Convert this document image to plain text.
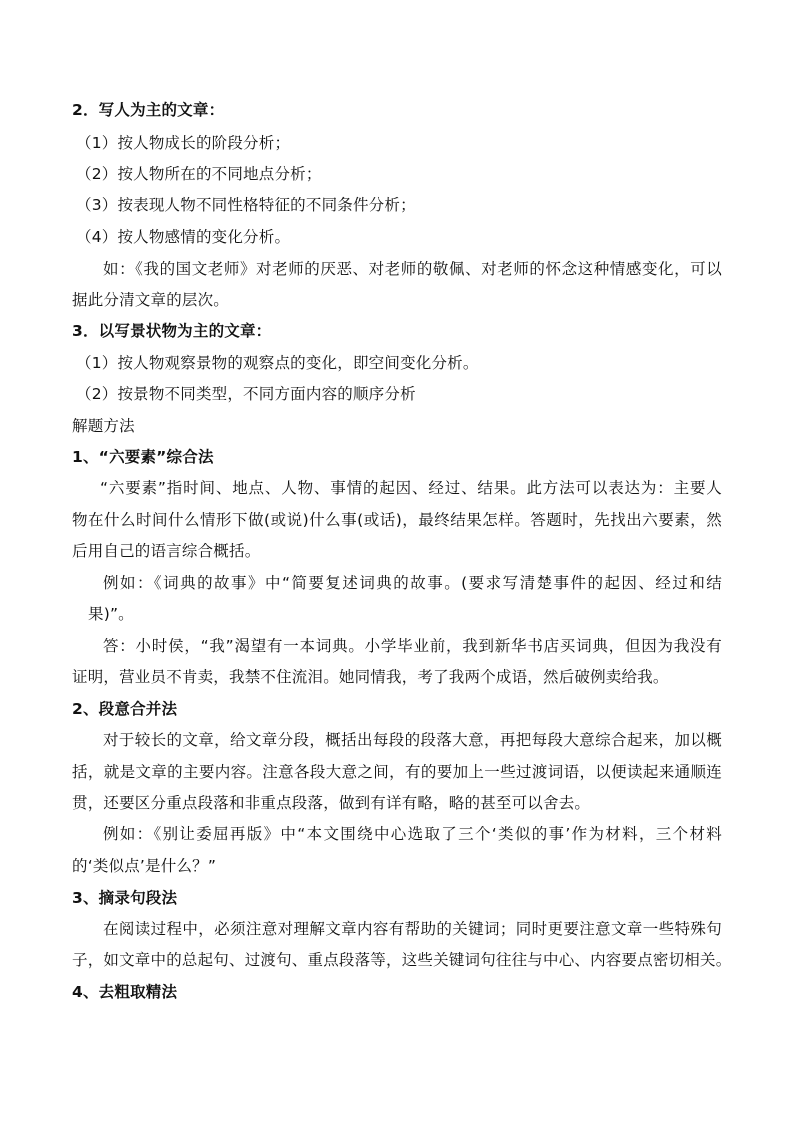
2．写人为主的文章：
（1）按人物成长的阶段分析；
（2）按人物所在的不同地点分析；
（3）按表现人物不同性格特征的不同条件分析；
（4）按人物感情的变化分析。
如：《我的国文老师》对老师的厌恶、对老师的敬佩、对老师的怀念这种情感变化，可以
据此分清文章的层次。
3．以写景状物为主的文章：
（1）按人物观察景物的观察点的变化，即空间变化分析。
（2）按景物不同类型，不同方面内容的顺序分析
解题方法
1、“六要素”综合法
“六要素”指时间、地点、人物、事情的起因、经过、结果。此方法可以表达为：主要人
物在什么时间什么情形下做(或说)什么事(或话)，最终结果怎样。答题时，先找出六要素，然
后用自己的语言综合概括。
例如：《词典的故事》中“简要复述词典的故事。(要求写清楚事件的起因、经过和结
果)”。
答：小时侯，“我”渴望有一本词典。小学毕业前，我到新华书店买词典，但因为我没有
证明，营业员不肯卖，我禁不住流泪。她同情我，考了我两个成语，然后破例卖给我。
2、段意合并法
对于较长的文章，给文章分段，概括出每段的段落大意，再把每段大意综合起来，加以概
括，就是文章的主要内容。注意各段大意之间，有的要加上一些过渡词语，以便读起来通顺连
贯，还要区分重点段落和非重点段落，做到有详有略，略的甚至可以舍去。
例如：《别让委屈再版》中“本文围绕中心选取了三个‘类似的事’作为材料，三个材料
的‘类似点’是什么？”
3、摘录句段法
在阅读过程中，必须注意对理解文章内容有帮助的关键词；同时更要注意文章一些特殊句
子，如文章中的总起句、过渡句、重点段落等，这些关键词句往往与中心、内容要点密切相关。
4、去粗取精法
